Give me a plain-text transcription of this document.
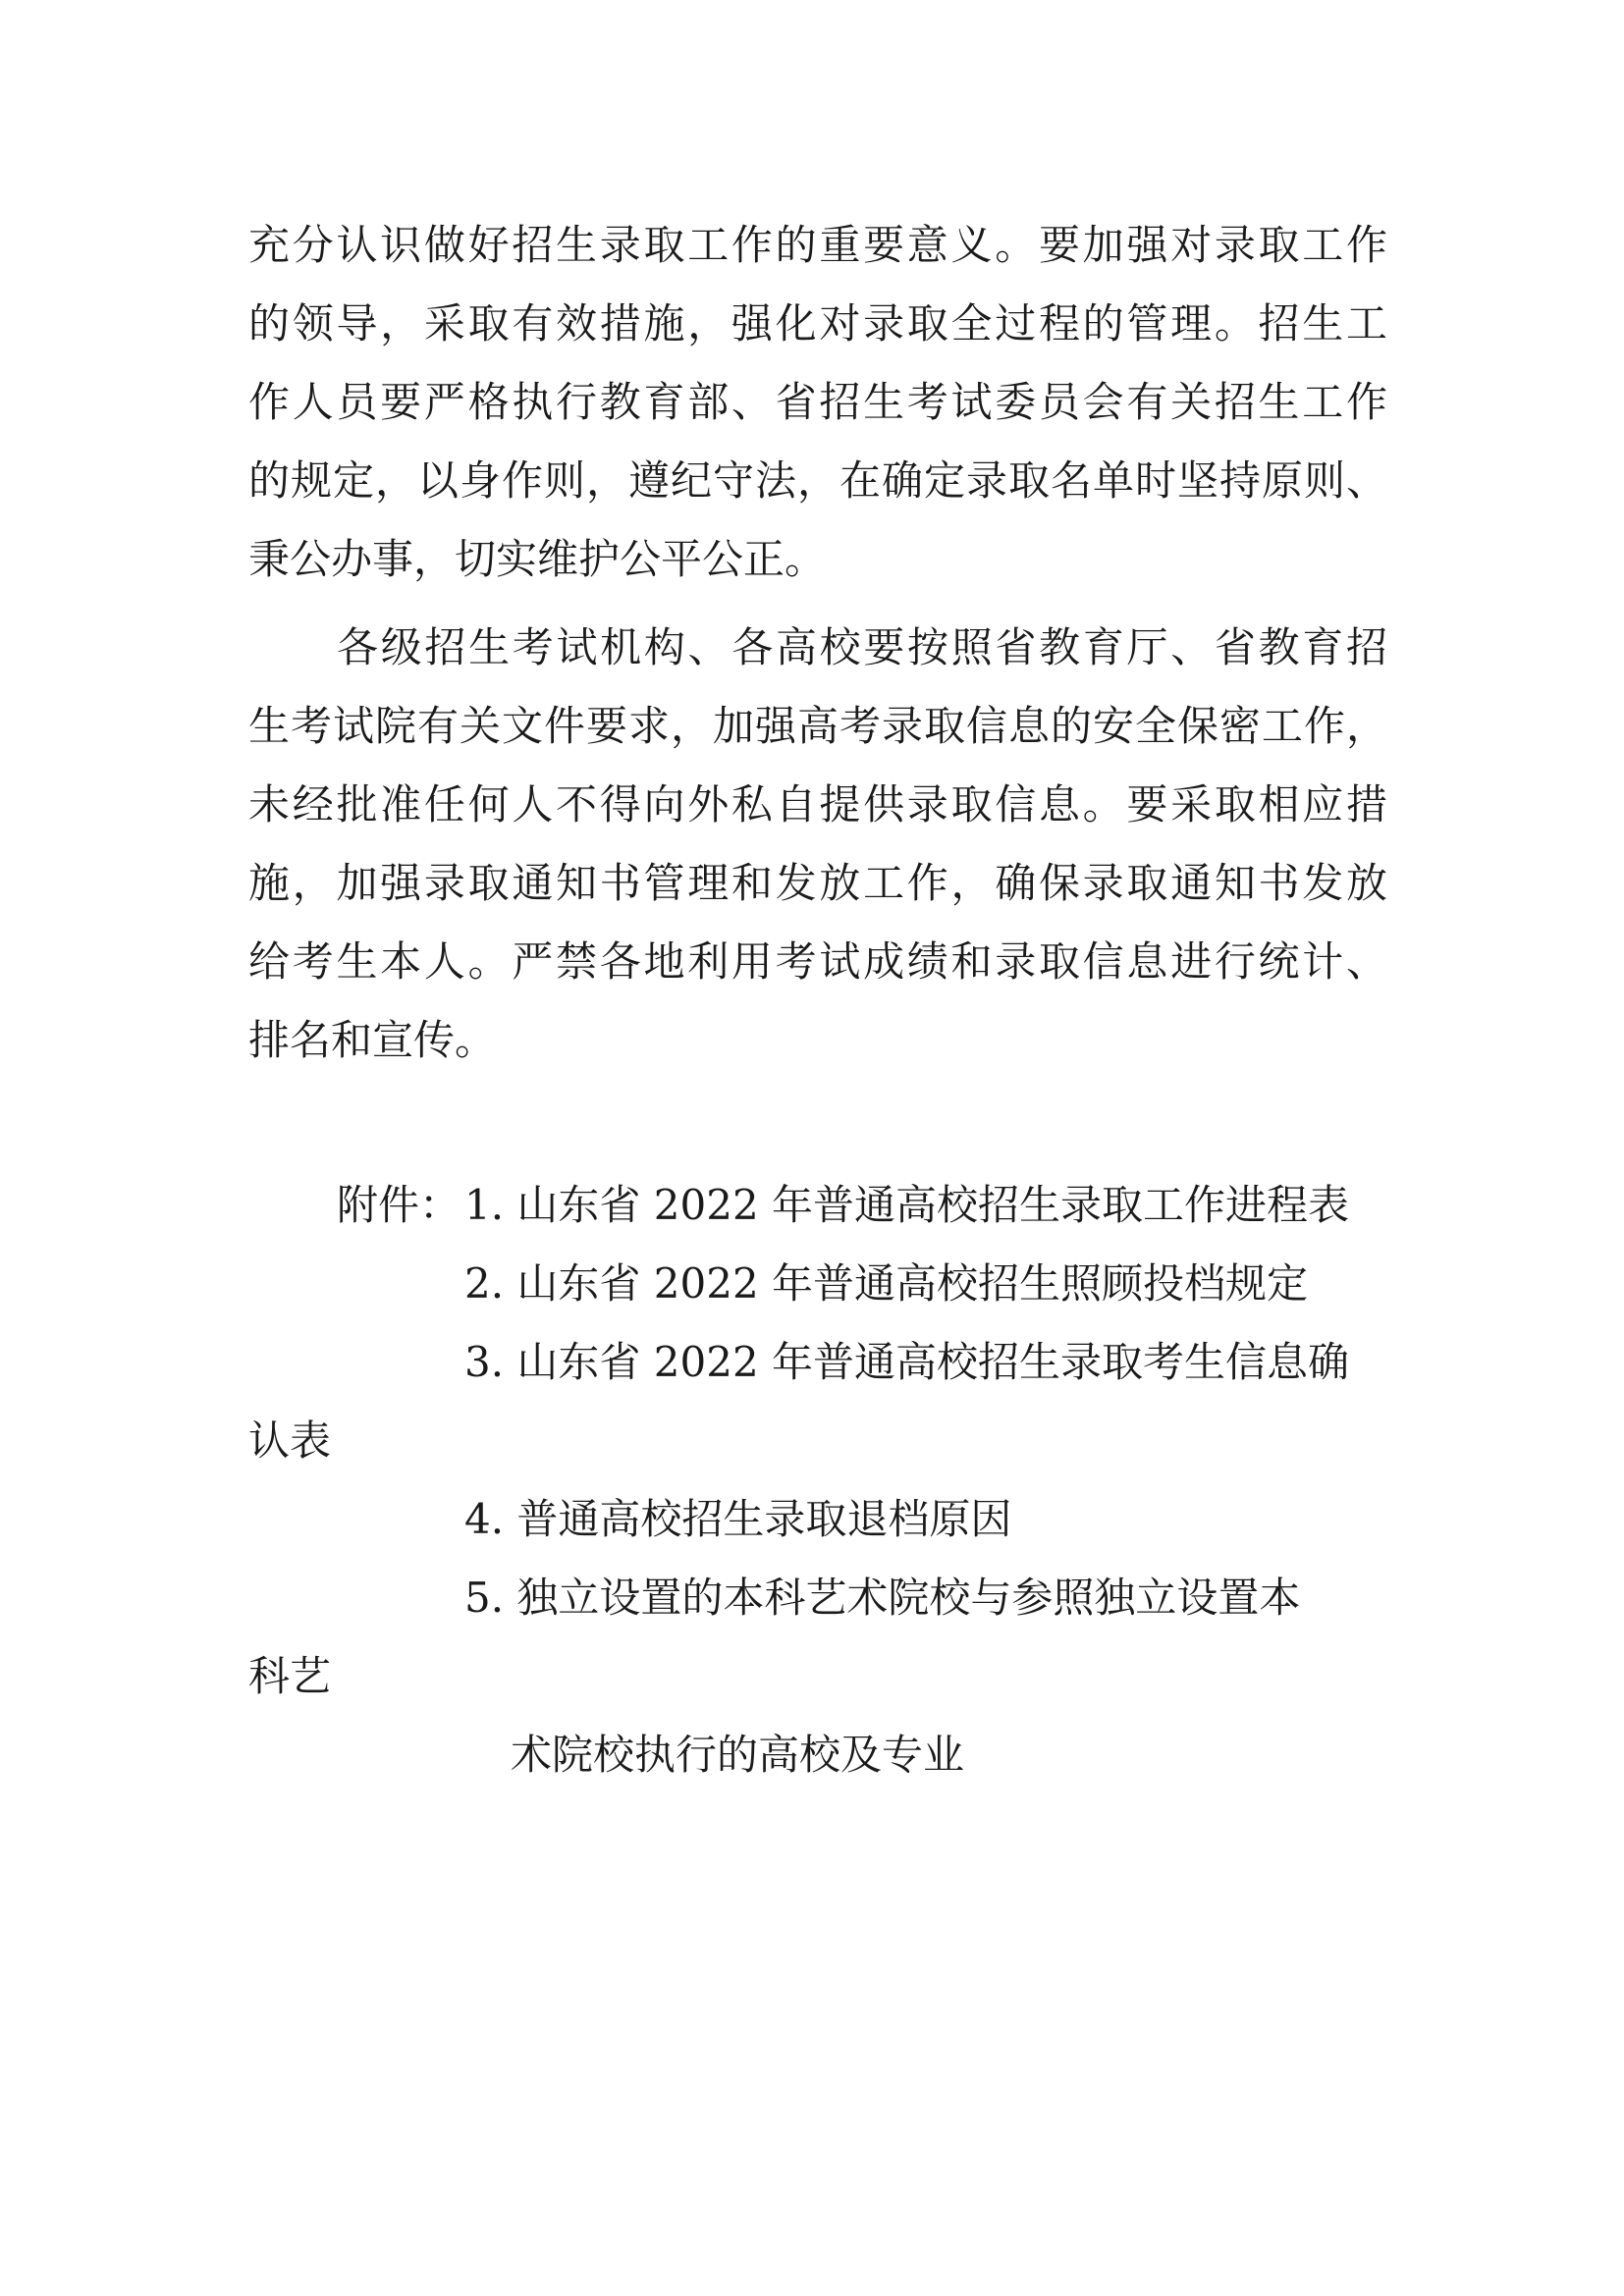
充分认识做好招生录取工作的重要意义。要加强对录取工作
的领导，采取有效措施，强化对录取全过程的管理。招生工
作人员要严格执行教育部、省招生考试委员会有关招生工作
的规定，以身作则，遵纪守法，在确定录取名单时坚持原则、
秉公办事，切实维护公平公正。
各级招生考试机构、各高校要按照省教育厅、省教育招
生考试院有关文件要求，加强高考录取信息的安全保密工作，
未经批准任何人不得向外私自提供录取信息。要采取相应措
施，加强录取通知书管理和发放工作，确保录取通知书发放
给考生本人。严禁各地利用考试成绩和录取信息进行统计、
排名和宣传。
附件： 1. 山东省 2022 年普通高校招生录取工作进程表
2. 山东省 2022 年普通高校招生照顾投档规定
3. 山东省 2022 年普通高校招生录取考生信息确
认表
4. 普通高校招生录取退档原因
5. 独立设置的本科艺术院校与参照独立设置本
科艺
术院校执行的高校及专业
